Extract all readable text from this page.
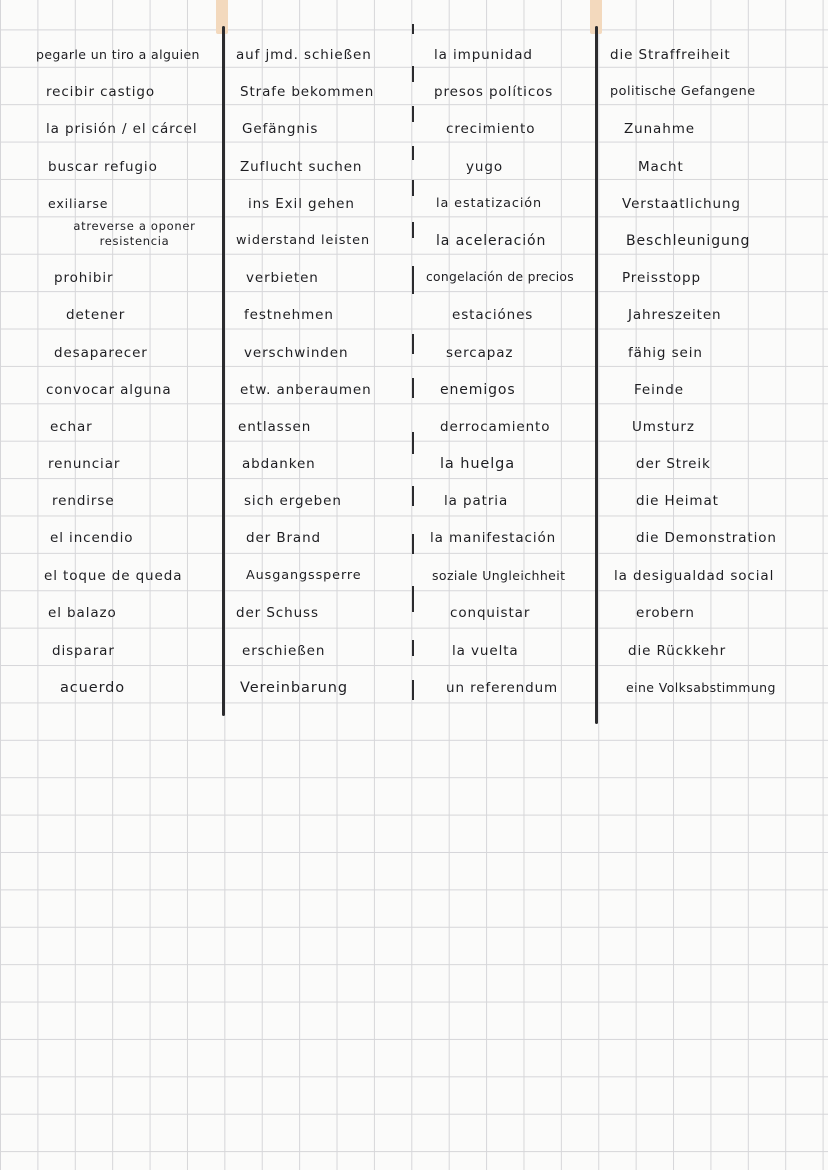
pegarle un tiro a alguien
recibir castigo
la prisión / el cárcel
buscar refugio
exiliarse
atreverse a oponer resistencia
prohibir
detener
desaparecer
convocar alguna
echar
renunciar
rendirse
el incendio
el toque de queda
el balazo
disparar
acuerdo
auf jmd. schießen
Strafe bekommen
Gefängnis
Zuflucht suchen
ins Exil gehen
widerstand leisten
verbieten
festnehmen
verschwinden
etw. anberaumen
entlassen
abdanken
sich ergeben
der Brand
Ausgangssperre
der Schuss
erschießen
Vereinbarung
la impunidad
presos políticos
crecimiento
yugo
la estatización
la aceleración
congelación de precios
estaciónes
sercapaz
enemigos
derrocamiento
la huelga
la patria
la manifestación
soziale Ungleichheit
conquistar
la vuelta
un referendum
die Straffreiheit
politische Gefangene
Zunahme
Macht
Verstaatlichung
Beschleunigung
Preisstopp
Jahreszeiten
fähig sein
Feinde
Umsturz
der Streik
die Heimat
die Demonstration
la desigualdad social
erobern
die Rückkehr
eine Volksabstimmung
